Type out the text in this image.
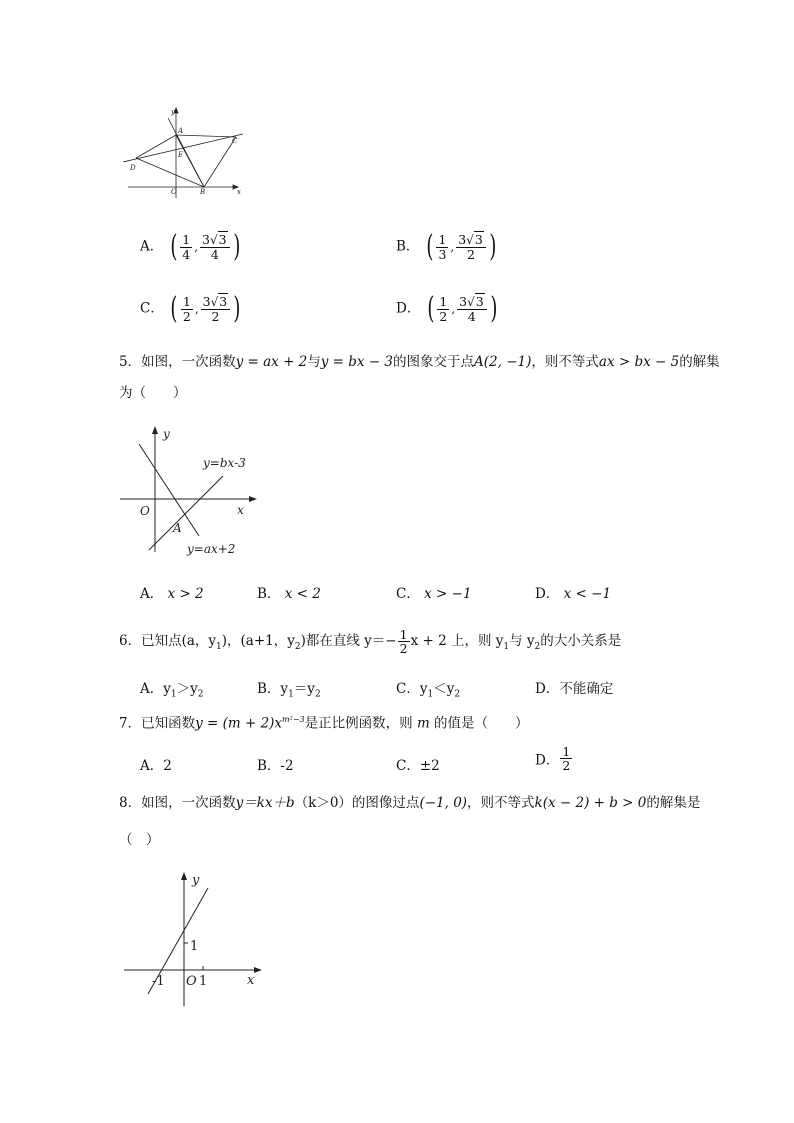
y
A
C
E
D
O	B	x
A． ( $\frac{1}{4}$ , $\frac{3√3}{4}$ )	B． ( $\frac{1}{3}$ , $\frac{3√3}{2}$ )
C． ( $\frac{1}{2}$ , $\frac{3√3}{2}$ )	D． ( $\frac{1}{2}$ , $\frac{3√3}{4}$ )
5．如图，一次函数y = ax + 2与y = bx − 3的图象交于点A(2, −1)，则不等式ax > bx − 5的解集
为（　　）
y
x
O
A
y=bx-3
y=ax+2
A． x > 2	B． x < 2	C． x > −1	D． x < −1
6．已知点(a，$y_1$)，(a+1，$y_2$)都在直线 $y=- \frac{1}{2}$ x + 2 上，则 $y_1$与 $y_2$的大小关系是
A．$y_1>y_2$	B．$y_1=y_2$	C．$y_1<y_2$	D．不能确定
7．已知函数$y = (m + 2)x^{m^2-3}$是正比例函数，则 m 的值是（　　）
A．2	B．-2	C．±2	D． $\frac{1}{2}$
8．如图，一次函数y＝kx＋b（k＞0）的图像过点(−1, 0)，则不等式k(x − 2) + b > 0的解集是
（　）
y
x
O 1
1
-1
